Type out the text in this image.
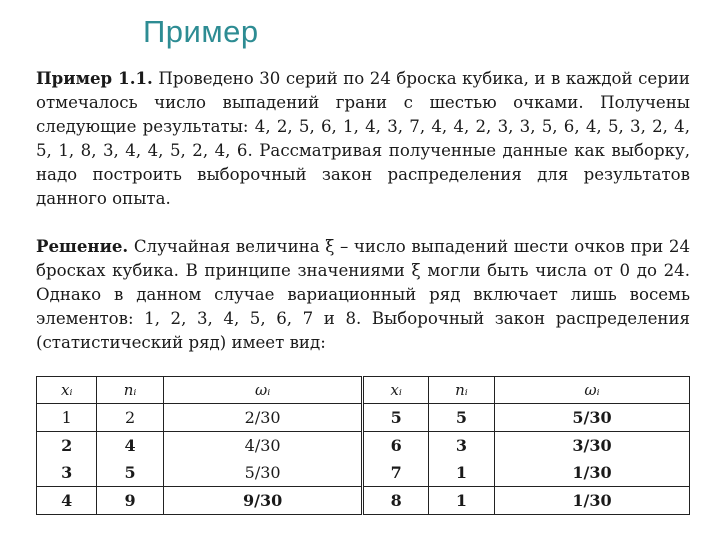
Пример
Пример 1.1. Проведено 30 серий по 24 броска кубика, и в каждой серии отмечалось число выпадений грани с шестью очками. Получены следующие результаты: 4, 2, 5, 6, 1, 4, 3, 7, 4, 4, 2, 3, 3, 5, 6, 4, 5, 3, 2, 4, 5, 1, 8, 3, 4, 4, 5, 2, 4, 6. Рассматривая полученные данные как выборку, надо построить выборочный закон распределения для результатов данного опыта.
Решение. Случайная величина ξ – число выпадений шести очков при 24 бросках кубика. В принципе значениями ξ могли быть числа от 0 до 24. Однако в данном случае вариационный ряд включает лишь восемь элементов: 1, 2, 3, 4, 5, 6, 7 и 8. Выборочный закон распределения (статистический ряд) имеет вид:
xᵢ	nᵢ	ωᵢ	xᵢ	nᵢ	ωᵢ
1	2	2/30	5	5	5/30
2	4	4/30	6	3	3/30
3	5	5/30	7	1	1/30
4	9	9/30	8	1	1/30
